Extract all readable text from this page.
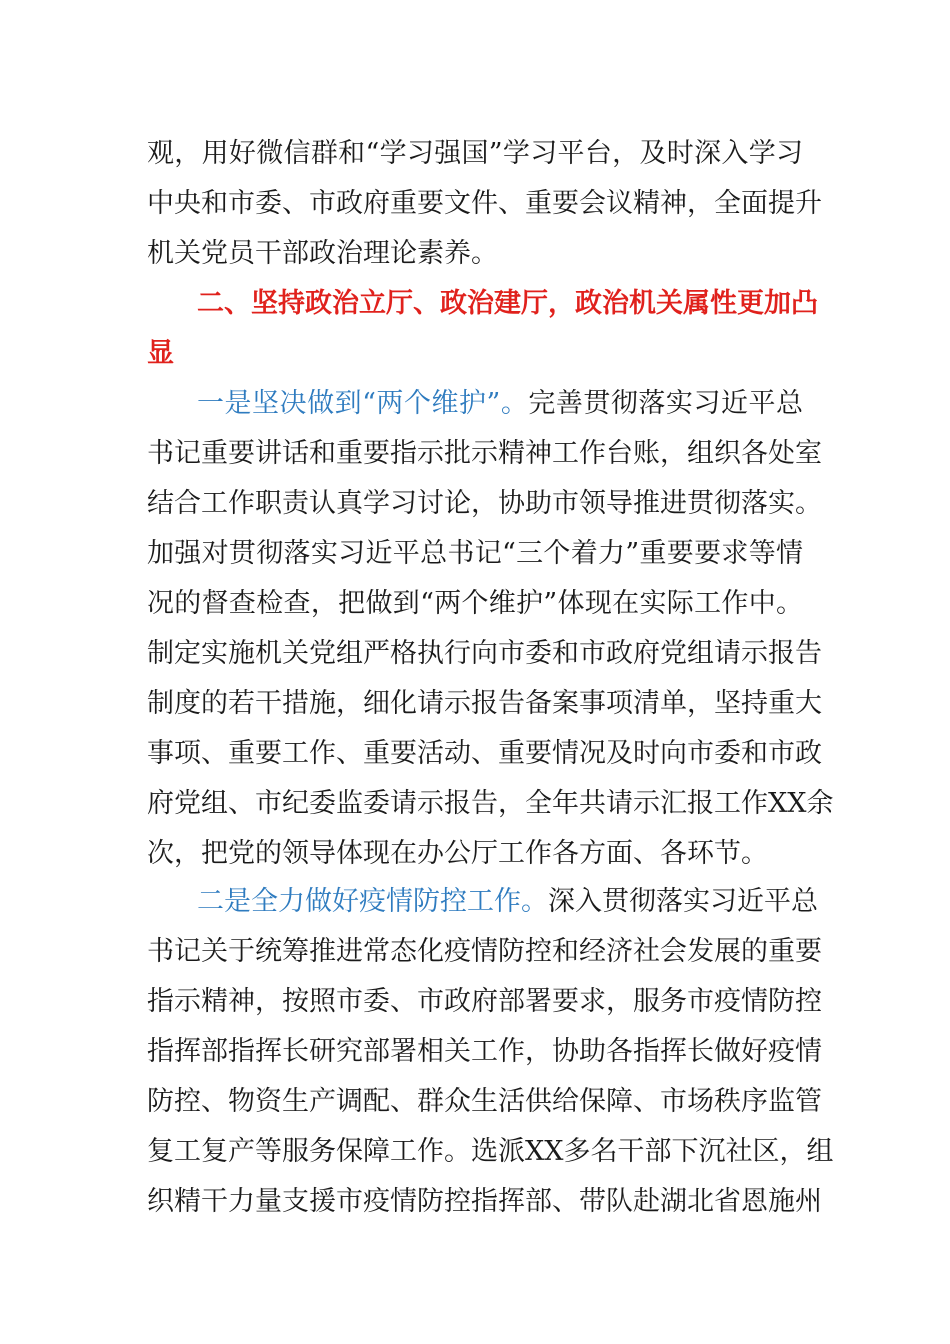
观，用好微信群和“学习强国”学习平台，及时深入学习
中央和市委、市政府重要文件、重要会议精神，全面提升
机关党员干部政治理论素养。
二、坚持政治立厅、政治建厅，政治机关属性更加凸
显
一是坚决做到“两个维护”。完善贯彻落实习近平总
书记重要讲话和重要指示批示精神工作台账，组织各处室
结合工作职责认真学习讨论，协助市领导推进贯彻落实。
加强对贯彻落实习近平总书记“三个着力”重要要求等情
况的督查检查，把做到“两个维护”体现在实际工作中。
制定实施机关党组严格执行向市委和市政府党组请示报告
制度的若干措施，细化请示报告备案事项清单，坚持重大
事项、重要工作、重要活动、重要情况及时向市委和市政
府党组、市纪委监委请示报告，全年共请示汇报工作XX余
次，把党的领导体现在办公厅工作各方面、各环节。
二是全力做好疫情防控工作。深入贯彻落实习近平总
书记关于统筹推进常态化疫情防控和经济社会发展的重要
指示精神，按照市委、市政府部署要求，服务市疫情防控
指挥部指挥长研究部署相关工作，协助各指挥长做好疫情
防控、物资生产调配、群众生活供给保障、市场秩序监管
复工复产等服务保障工作。选派XX多名干部下沉社区，组
织精干力量支援市疫情防控指挥部、带队赴湖北省恩施州
